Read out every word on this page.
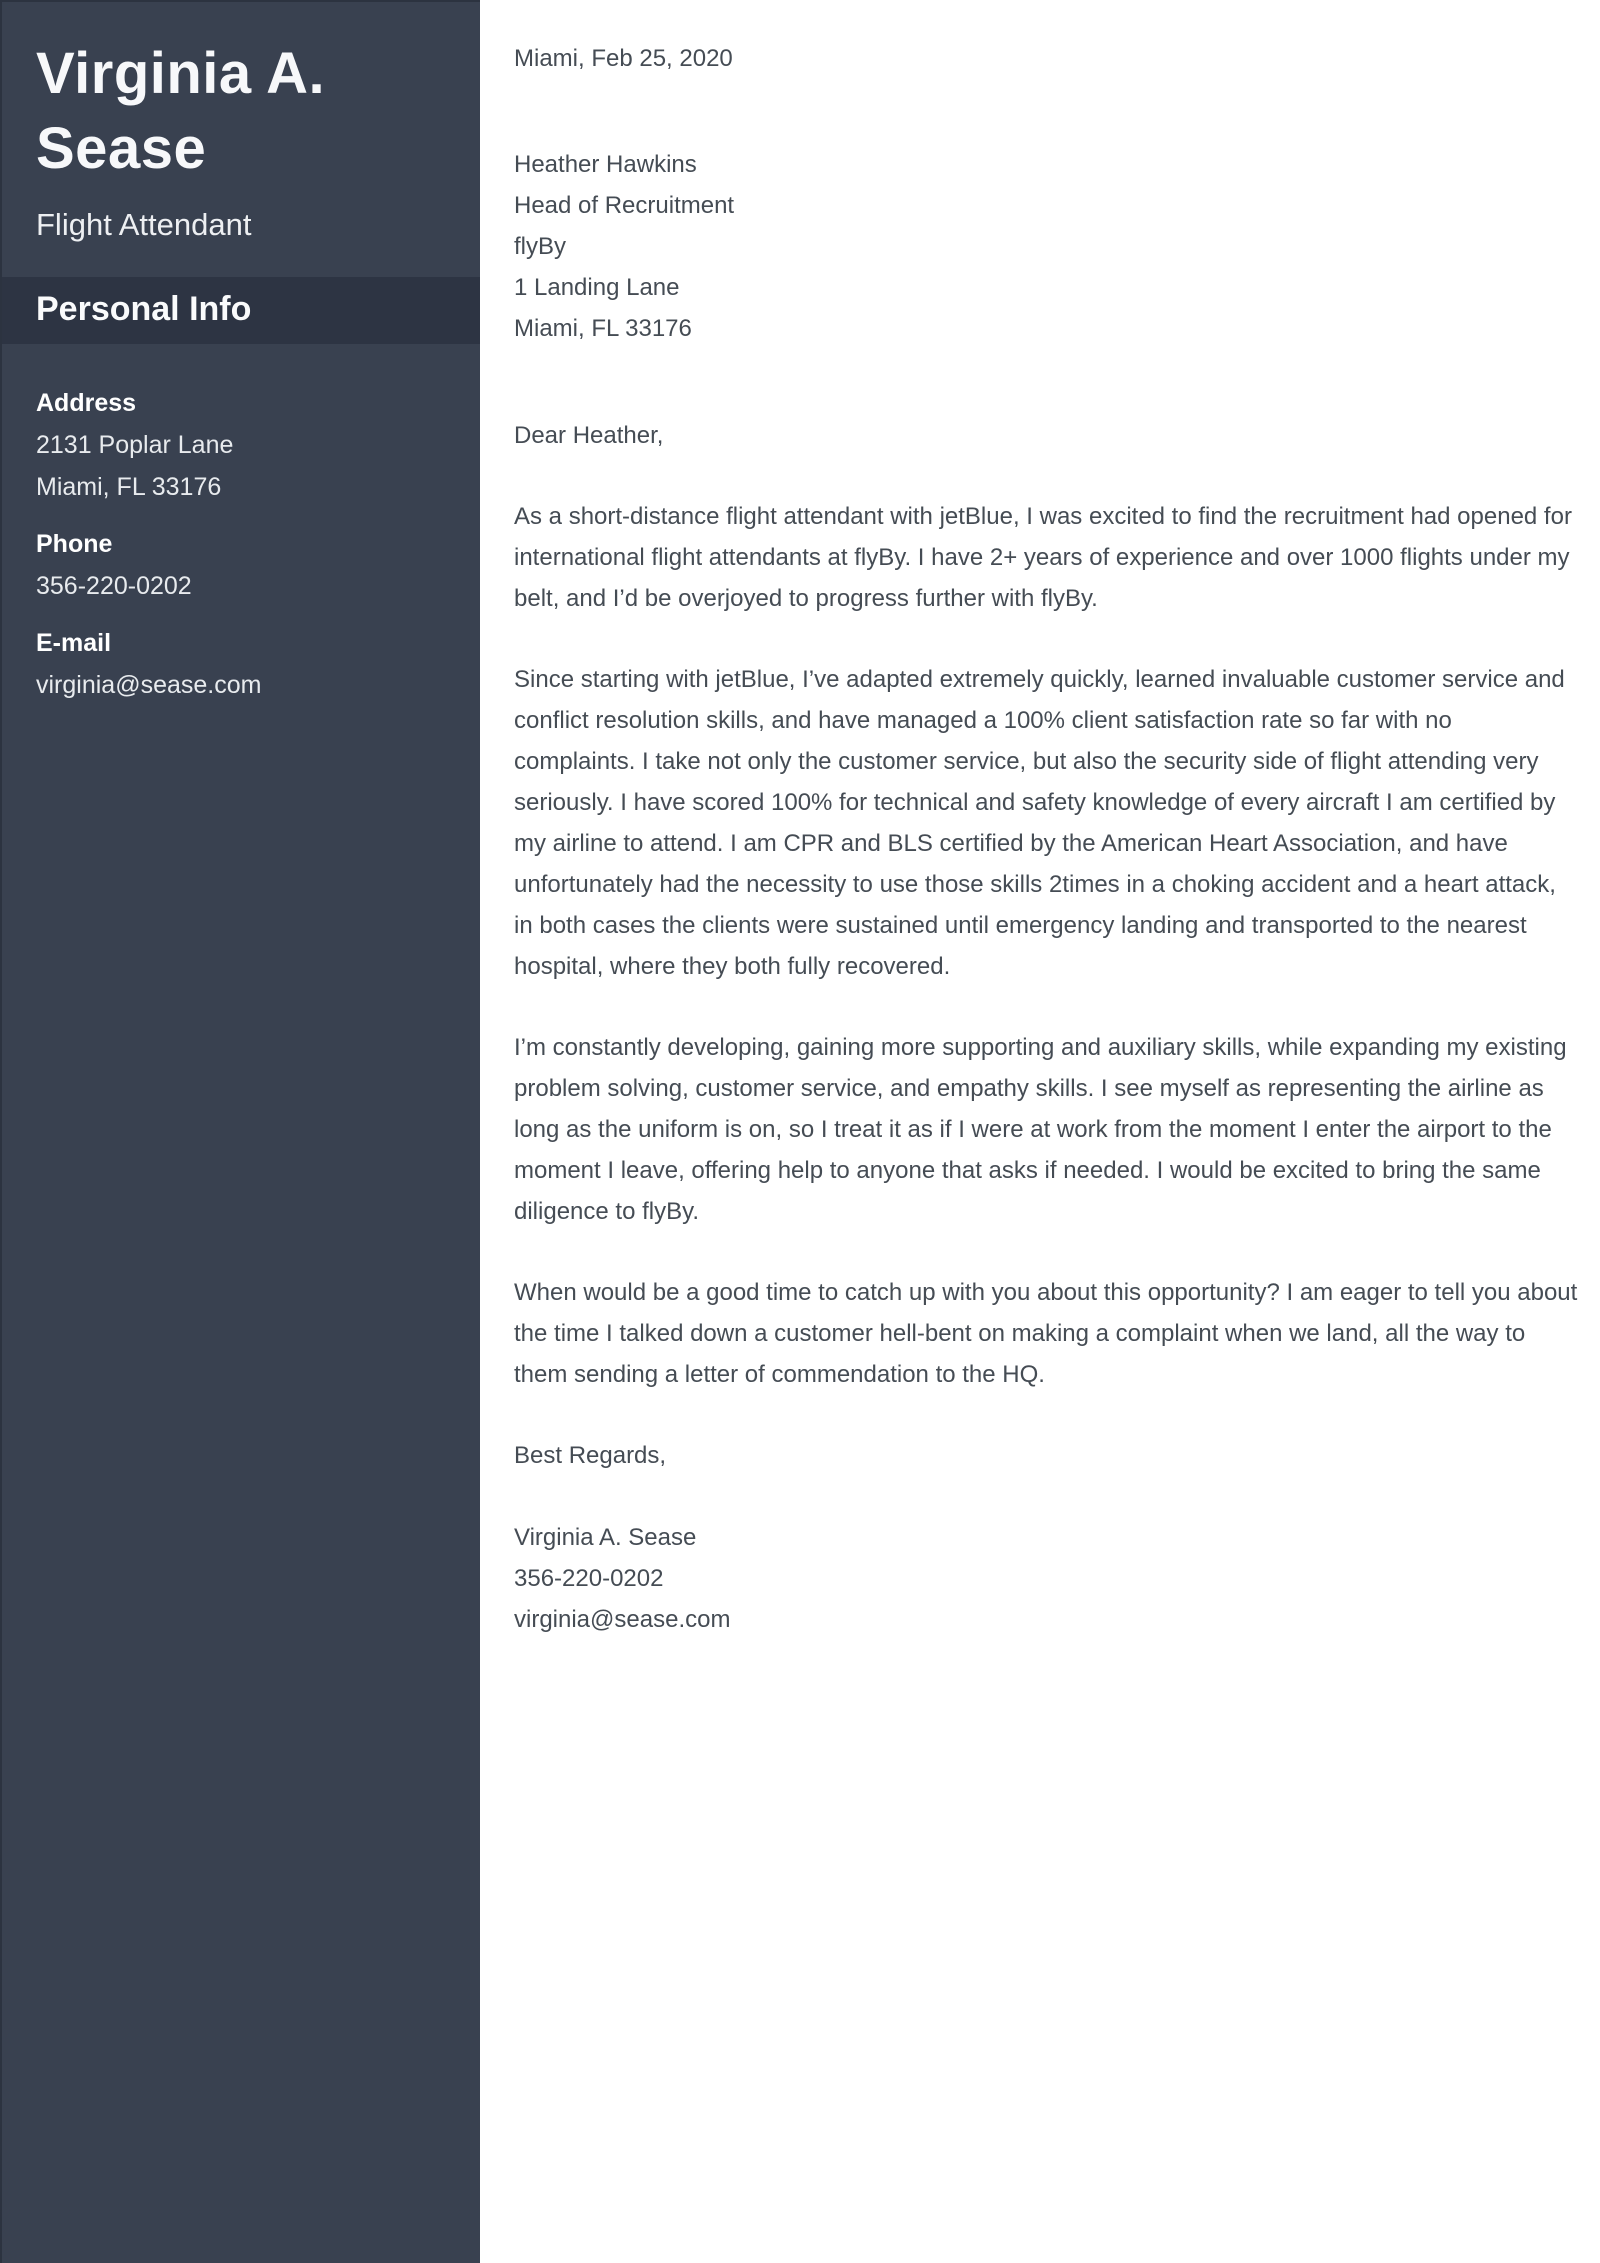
Virginia A. Sease
Flight Attendant
Personal Info
Address
2131 Poplar Lane
Miami, FL 33176
Phone
356-220-0202
E-mail
virginia@sease.com
Miami, Feb 25, 2020
Heather Hawkins
Head of Recruitment
flyBy
1 Landing Lane
Miami, FL 33176
Dear Heather,

As a short-distance flight attendant with jetBlue, I was excited to find the recruitment had opened for international flight attendants at flyBy. I have 2+ years of experience and over 1000 flights under my belt, and I’d be overjoyed to progress further with flyBy.

Since starting with jetBlue, I’ve adapted extremely quickly, learned invaluable customer service and conflict resolution skills, and have managed a 100% client satisfaction rate so far with no complaints. I take not only the customer service, but also the security side of flight attending very seriously. I have scored 100% for technical and safety knowledge of every aircraft I am certified by my airline to attend. I am CPR and BLS certified by the American Heart Association, and have unfortunately had the necessity to use those skills 2times in a choking accident and a heart attack, in both cases the clients were sustained until emergency landing and transported to the nearest hospital, where they both fully recovered.

I’m constantly developing, gaining more supporting and auxiliary skills, while expanding my existing problem solving, customer service, and empathy skills. I see myself as representing the airline as long as the uniform is on, so I treat it as if I were at work from the moment I enter the airport to the moment I leave, offering help to anyone that asks if needed. I would be excited to bring the same diligence to flyBy.

When would be a good time to catch up with you about this opportunity? I am eager to tell you about the time I talked down a customer hell-bent on making a complaint when we land, all the way to them sending a letter of commendation to the HQ.

Best Regards,
Virginia A. Sease
356-220-0202
virginia@sease.com
